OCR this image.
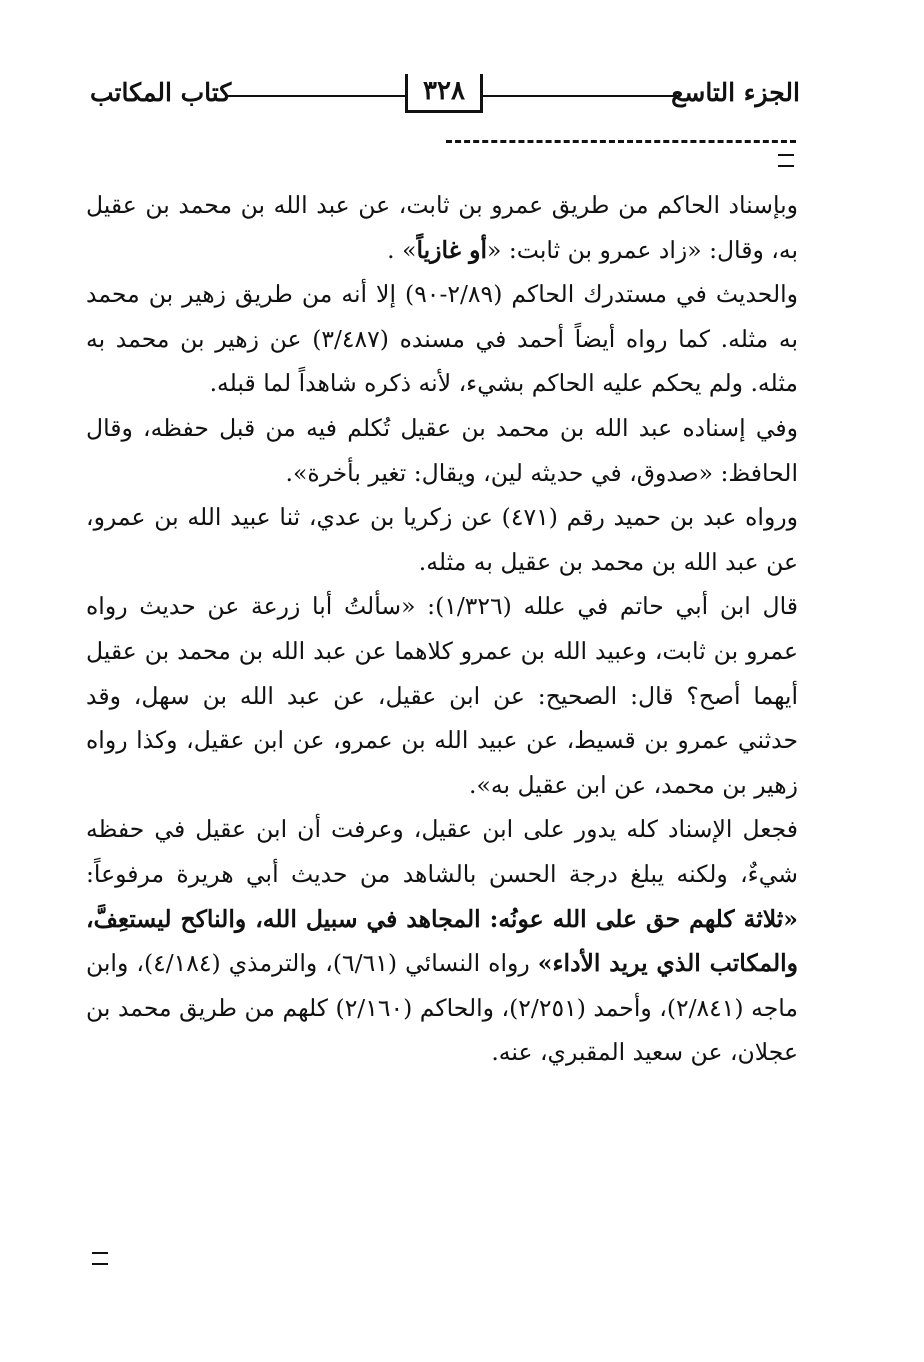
الجزء التاسع
٣٢٨
كتاب المكاتب

وبإسناد الحاكم من طريق عمرو بن ثابت، عن عبد الله بن محمد بن عقيل به، وقال: «زاد عمرو بن ثابت: «أو غازياً» .

والحديث في مستدرك الحاكم (٢/٨٩-٩٠) إلا أنه من طريق زهير بن محمد به مثله. كما رواه أيضاً أحمد في مسنده (٣/٤٨٧) عن زهير بن محمد به مثله. ولم يحكم عليه الحاكم بشيء، لأنه ذكره شاهداً لما قبله.

وفي إسناده عبد الله بن محمد بن عقيل تُكلم فيه من قبل حفظه، وقال الحافظ: «صدوق، في حديثه لين، ويقال: تغير بأخرة».

ورواه عبد بن حميد رقم (٤٧١) عن زكريا بن عدي، ثنا عبيد الله بن عمرو، عن عبد الله بن محمد بن عقيل به مثله.

قال ابن أبي حاتم في علله (١/٣٢٦): «سألتُ أبا زرعة عن حديث رواه عمرو بن ثابت، وعبيد الله بن عمرو كلاهما عن عبد الله بن محمد بن عقيل أيهما أصح؟ قال: الصحيح: عن ابن عقيل، عن عبد الله بن سهل، وقد حدثني عمرو بن قسيط، عن عبيد الله بن عمرو، عن ابن عقيل، وكذا رواه زهير بن محمد، عن ابن عقيل به».

فجعل الإسناد كله يدور على ابن عقيل، وعرفت أن ابن عقيل في حفظه شيءٌ، ولكنه يبلغ درجة الحسن بالشاهد من حديث أبي هريرة مرفوعاً: «ثلاثة كلهم حق على الله عونُه: المجاهد في سبيل الله، والناكح ليستعِفَّ، والمكاتب الذي يريد الأداء» رواه النسائي (٦/٦١)، والترمذي (٤/١٨٤)، وابن ماجه (٢/٨٤١)، وأحمد (٢/٢٥١)، والحاكم (٢/١٦٠) كلهم من طريق محمد بن عجلان، عن سعيد المقبري، عنه.
